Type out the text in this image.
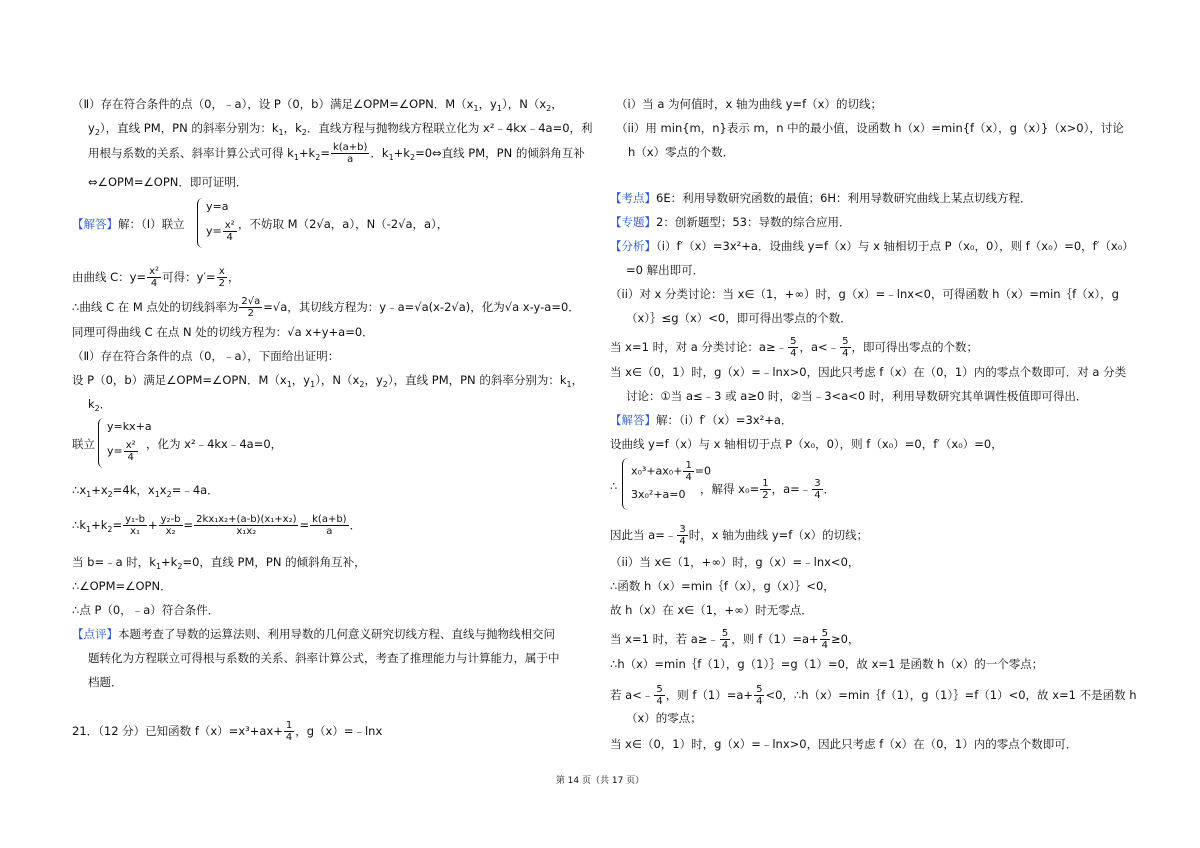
（Ⅱ）存在符合条件的点（0，﹣a），设 P（0，b）满足∠OPM=∠OPN．$M(x_1$，$y_1$），$N(x_2$，
$y_2$），直线 PM，PN 的斜率分别为：$k_1$，$k_2$．直线方程与抛物线方程联立化为 x²﹣4kx﹣4a=0，利
用根与系数的关系、斜率计算公式可得 $k_1+k_2= \frac{k(a+b)}{a}$ ．$k_1+k_2=0\Leftrightarrow$直线 PM，PN 的倾斜角互补
⇔∠OPM=∠OPN．即可证明．
【解答】解：（Ⅰ）联立
y=a
$y= \frac{\text{x²}}{4}$ ，不妨取 M（2√a，a），N（-2√a，a），
由曲线 C：$y= \frac{\text{x²}}{4}$ 可得：$y'= \frac{x}{2}$ ，
∴曲线 C 在 M 点处的切线斜率为 $\frac{2√a}{2} =√a$，其切线方程为：y﹣a=√a(x-2√a)，化为√a x-y-a=0．
同理可得曲线 C 在点 N 处的切线方程为：√a x+y+a=0．
（Ⅱ）存在符合条件的点（0，﹣a），下面给出证明：
设 P（0，b）满足∠OPM=∠OPN．$M(x_1$，$y_1$），$N(x_2$，$y_2$），直线 PM，PN 的斜率分别为：$k_1$，
$k_2$．
联立
y=kx+a
$y= \frac{\text{x²}}{4}$ ，化为 x²﹣4kx﹣4a=0，
$\therefore x_1+x_2=4k$，$x_1x_2=﹣4a$．
$\therefore k_1+k_2= \frac{\text{y₁-b}}{\text{x₁}} + \frac{\text{y₂-b}}{\text{x₂}} = \frac{\text{2kx₁x₂+(a-b)(x₁+x₂)}}{\text{x₁x₂}} = \frac{k(a+b)}{a}$ ．
当 b=﹣a 时，$k_1+k_2=0$，直线 PM，PN 的倾斜角互补，
∴∠OPM=∠OPN．
∴点 P（0，﹣a）符合条件．
【点评】本题考查了导数的运算法则、利用导数的几何意义研究切线方程、直线与抛物线相交问
题转化为方程联立可得根与系数的关系、斜率计算公式，考查了推理能力与计算能力，属于中
档题．
21．（12 分）已知函数 $f(x)=x^3+ax+ \frac{1}{4}$ ，g（x）=﹣lnx
（i）当 a 为何值时，x 轴为曲线 y=f（x）的切线；
（ii）用 min{m，n}表示 m，n 中的最小值，设函数 h（x）=min{f（x），g（x）}（x>0），讨论
h（x）零点的个数．
【考点】6E：利用导数研究函数的最值；6H：利用导数研究曲线上某点切线方程．
【专题】2：创新题型；53：导数的综合应用．
【分析】（i）f′（x）=3x²+a．设曲线 y=f（x）与 x 轴相切于点 P（x₀，0），则 f（x₀）=0，f′（x₀）
=0 解出即可．
（ii）对 x 分类讨论：当 x∈（1，+∞）时，g（x）=﹣lnx<0，可得函数 h（x）=min｛f（x），g
（x）｝≤g（x）<0，即可得出零点的个数．
当 x=1 时，对 a 分类讨论：a≥﹣ $\frac{5}{4}$ ，a<﹣ $\frac{5}{4}$ ，即可得出零点的个数；
当 x∈（0，1）时，g（x）=﹣lnx>0，因此只考虑 f（x）在（0，1）内的零点个数即可．对 a 分类
讨论：①当 a≤﹣3 或 a≥0 时，②当﹣3<a<0 时，利用导数研究其单调性极值即可得出．
【解答】解：（i）f′（x）=3x²+a．
设曲线 y=f（x）与 x 轴相切于点 P（x₀，0），则 f（x₀）=0，f′（x₀）=0，
∴
$x_0^3+ax_0+ \frac{1}{4} =0$
3x₀²+a=0 ，解得 $x_0= \frac{1}{2}$ ，a=﹣ $\frac{3}{4}$ ．
因此当 a=﹣ $\frac{3}{4}$ 时，x 轴为曲线 y=f（x）的切线；
（ii）当 x∈（1，+∞）时，g（x）=﹣lnx<0，
∴函数 h（x）=min｛f（x），g（x）｝<0，
故 h（x）在 x∈（1，+∞）时无零点．
当 x=1 时，若 a≥﹣ $\frac{5}{4}$ ，则 $f(1)=a+ \frac{5}{4} \ge 0$，
∴h（x）=min｛f（1），g（1）｝=g（1）=0，故 x=1 是函数 h（x）的一个零点；
若 a<﹣ $\frac{5}{4}$ ，则 $f(1)=a+ \frac{5}{4} <0$，∴h（x）=min｛f（1），g（1）｝=f（1）<0，故 x=1 不是函数 h
（x）的零点；
当 x∈（0，1）时，g（x）=﹣lnx>0，因此只考虑 f（x）在（0，1）内的零点个数即可．
第 14 页（共 17 页）
